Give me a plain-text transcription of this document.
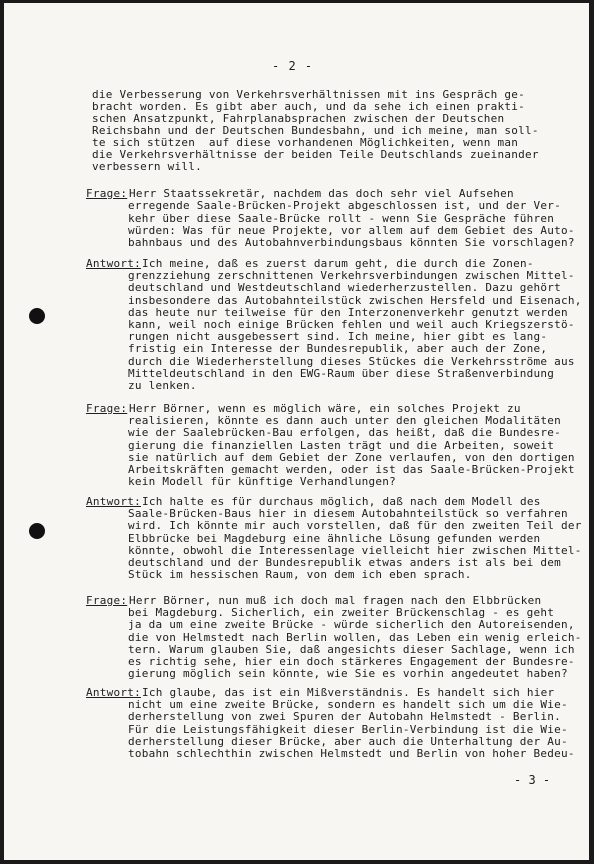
- 2 -
die Verbesserung von Verkehrsverhältnissen mit ins Gespräch ge-
bracht worden. Es gibt aber auch, und da sehe ich einen prakti-
schen Ansatzpunkt, Fahrplanabsprachen zwischen der Deutschen
Reichsbahn und der Deutschen Bundesbahn, und ich meine, man soll-
te sich stützen  auf diese vorhandenen Möglichkeiten, wenn man
die Verkehrsverhältnisse der beiden Teile Deutschlands zueinander
verbessern will.
Frage: Herr Staatssekretär, nachdem das doch sehr viel Aufsehen
erregende Saale-Brücken-Projekt abgeschlossen ist, und der Ver-
kehr über diese Saale-Brücke rollt - wenn Sie Gespräche führen
würden: Was für neue Projekte, vor allem auf dem Gebiet des Auto-
bahnbaus und des Autobahnverbindungsbaus könnten Sie vorschlagen?
Antwort: Ich meine, daß es zuerst darum geht, die durch die Zonen-
grenzziehung zerschnittenen Verkehrsverbindungen zwischen Mittel-
deutschland und Westdeutschland wiederherzustellen. Dazu gehört
insbesondere das Autobahnteilstück zwischen Hersfeld und Eisenach,
das heute nur teilweise für den Interzonenverkehr genutzt werden
kann, weil noch einige Brücken fehlen und weil auch Kriegszerstö-
rungen nicht ausgebessert sind. Ich meine, hier gibt es lang-
fristig ein Interesse der Bundesrepublik, aber auch der Zone,
durch die Wiederherstellung dieses Stückes die Verkehrsströme aus
Mitteldeutschland in den EWG-Raum über diese Straßenverbindung
zu lenken.
Frage: Herr Börner, wenn es möglich wäre, ein solches Projekt zu
realisieren, könnte es dann auch unter den gleichen Modalitäten
wie der Saalebrücken-Bau erfolgen, das heißt, daß die Bundesre-
gierung die finanziellen Lasten trägt und die Arbeiten, soweit
sie natürlich auf dem Gebiet der Zone verlaufen, von den dortigen
Arbeitskräften gemacht werden, oder ist das Saale-Brücken-Projekt
kein Modell für künftige Verhandlungen?
Antwort: Ich halte es für durchaus möglich, daß nach dem Modell des
Saale-Brücken-Baus hier in diesem Autobahnteilstück so verfahren
wird. Ich könnte mir auch vorstellen, daß für den zweiten Teil der
Elbbrücke bei Magdeburg eine ähnliche Lösung gefunden werden
könnte, obwohl die Interessenlage vielleicht hier zwischen Mittel-
deutschland und der Bundesrepublik etwas anders ist als bei dem
Stück im hessischen Raum, von dem ich eben sprach.
Frage: Herr Börner, nun muß ich doch mal fragen nach den Elbbrücken
bei Magdeburg. Sicherlich, ein zweiter Brückenschlag - es geht
ja da um eine zweite Brücke - würde sicherlich den Autoreisenden,
die von Helmstedt nach Berlin wollen, das Leben ein wenig erleich-
tern. Warum glauben Sie, daß angesichts dieser Sachlage, wenn ich
es richtig sehe, hier ein doch stärkeres Engagement der Bundesre-
gierung möglich sein könnte, wie Sie es vorhin angedeutet haben?
Antwort: Ich glaube, das ist ein Mißverständnis. Es handelt sich hier
nicht um eine zweite Brücke, sondern es handelt sich um die Wie-
derherstellung von zwei Spuren der Autobahn Helmstedt - Berlin.
Für die Leistungsfähigkeit dieser Berlin-Verbindung ist die Wie-
derherstellung dieser Brücke, aber auch die Unterhaltung der Au-
tobahn schlechthin zwischen Helmstedt und Berlin von hoher Bedeu-
- 3 -
